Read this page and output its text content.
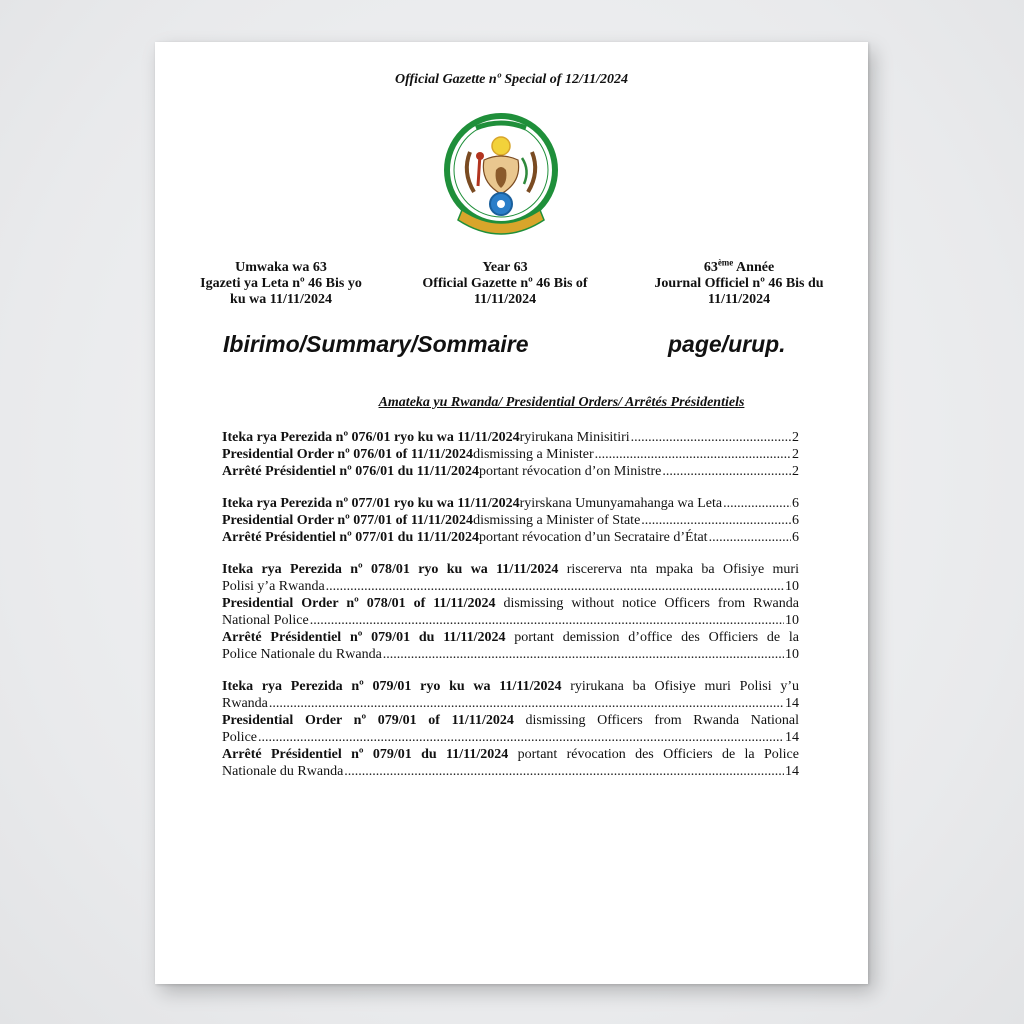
Official Gazette nº Special of 12/11/2024
Umwaka wa 63
Igazeti ya Leta nº 46 Bis yo
ku wa 11/11/2024
Year 63
Official Gazette nº 46 Bis of
11/11/2024
63ème Année
Journal Officiel nº 46 Bis du
11/11/2024
Ibirimo/Summary/Sommaire	page/urup.
Amateka yu Rwanda/ Presidential Orders/ Arrêtés Présidentiels
Iteka rya Perezida nº 076/01 ryo ku wa 11/11/2024 ryirukana Minisitiri .....	2
Presidential Order nº 076/01 of 11/11/2024 dismissing a Minister .....	2
Arrêté Présidentiel nº 076/01 du 11/11/2024 portant révocation d’on Ministre .....	2
Iteka rya Perezida nº 077/01 ryo ku wa 11/11/2024 ryirskana Umunyamahanga wa Leta .....	6
Presidential Order nº 077/01 of 11/11/2024 dismissing a Minister of State .....	6
Arrêté Présidentiel nº 077/01 du 11/11/2024 portant révocation d’un Secrataire d’État .....	6
Iteka rya Perezida nº 078/01 ryo ku wa 11/11/2024 riscererva nta mpaka ba Ofisiye muri
Polisi y’a Rwanda .....	10
Presidential Order nº 078/01 of 11/11/2024 dismissing without notice Officers from Rwanda
National Police .....	10
Arrêté Présidentiel nº 079/01 du 11/11/2024 portant demission d’office des Officiers de la
Police Nationale du Rwanda .....	10
Iteka rya Perezida nº 079/01 ryo ku wa 11/11/2024 ryirukana ba Ofisiye muri Polisi y’u
Rwanda .....	14
Presidential Order nº 079/01 of 11/11/2024 dismissing Officers from Rwanda National
Police .....	14
Arrêté Présidentiel nº 079/01 du 11/11/2024 portant révocation des Officiers de la Police
Nationale du Rwanda .....	14
